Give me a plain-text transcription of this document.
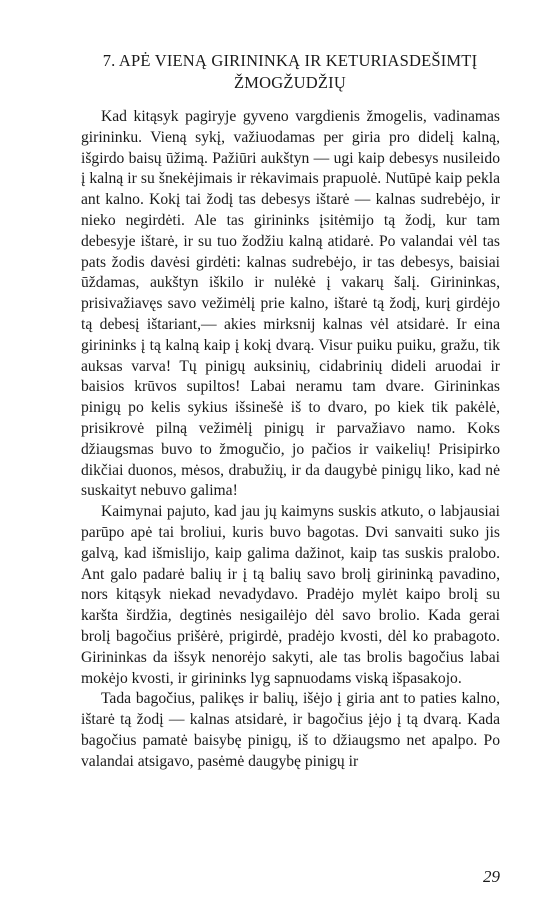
7. APĖ VIENĄ GIRININKĄ IR KETURIASDEŠIMTĮ
ŽMOGŽUDŽIŲ

Kad kitąsyk pagiryje gyveno vargdienis žmogelis, vadinamas girininku. Vieną sykį, važiuodamas per giria pro didelį kalną, išgirdo baisų ūžimą. Pažiūri aukštyn — ugi kaip debesys nusileido į kalną ir su šnekėjimais ir rėkavimais prapuolė. Nutūpė kaip pekla ant kalno. Kokį tai žodį tas debesys ištarė — kalnas sudrebėjo, ir nieko negirdėti. Ale tas girininks įsitėmijo tą žodį, kur tam debesyje ištarė, ir su tuo žodžiu kalną atidarė. Po valandai vėl tas pats žodis davėsi girdėti: kalnas sudrebėjo, ir tas debesys, baisiai ūždamas, aukštyn iškilo ir nulėkė į vakarų šalį. Girininkas, prisivažiavęs savo vežimėlį prie kalno, ištarė tą žodį, kurį girdėjo tą debesį ištariant,— akies mirksnij kalnas vėl atsidarė. Ir eina girininks į tą kalną kaip į kokį dvarą. Visur puiku puiku, gražu, tik auksas varva! Tų pinigų auksinių, cidabrinių dideli aruodai ir baisios krūvos supiltos! Labai neramu tam dvare. Girininkas pinigų po kelis sykius išsinešė iš to dvaro, po kiek tik pakėlė, prisikrovė pilną vežimėlį pinigų ir parvažiavo namo. Koks džiaugsmas buvo to žmogučio, jo pačios ir vaikelių! Prisipirko dikčiai duonos, mėsos, drabužių, ir da daugybė pinigų liko, kad nė suskaityt nebuvo galima!

Kaimynai pajuto, kad jau jų kaimyns suskis atkuto, o labjausiai parūpo apė tai broliui, kuris buvo bagotas. Dvi sanvaiti suko jis galvą, kad išmislijo, kaip galima dažinot, kaip tas suskis pralobo. Ant galo padarė balių ir į tą balių savo brolį girininką pavadino, nors kitąsyk niekad nevadydavo. Pradėjo mylėt kaipo brolį su karšta širdžia, degtinės nesigailėjo dėl savo brolio. Kada gerai brolį bagočius prišėrė, prigirdė, pradėjo kvosti, dėl ko prabagoto. Girininkas da išsyk nenorėjo sakyti, ale tas brolis bagočius labai mokėjo kvosti, ir girininks lyg sapnuodams viską išpasakojo.

Tada bagočius, palikęs ir balių, išėjo į giria ant to paties kalno, ištarė tą žodį — kalnas atsidarė, ir bagočius įėjo į tą dvarą. Kada bagočius pamatė baisybę pinigų, iš to džiaugsmo net apalpo. Po valandai atsigavo, pasėmė daugybę pinigų ir

29
